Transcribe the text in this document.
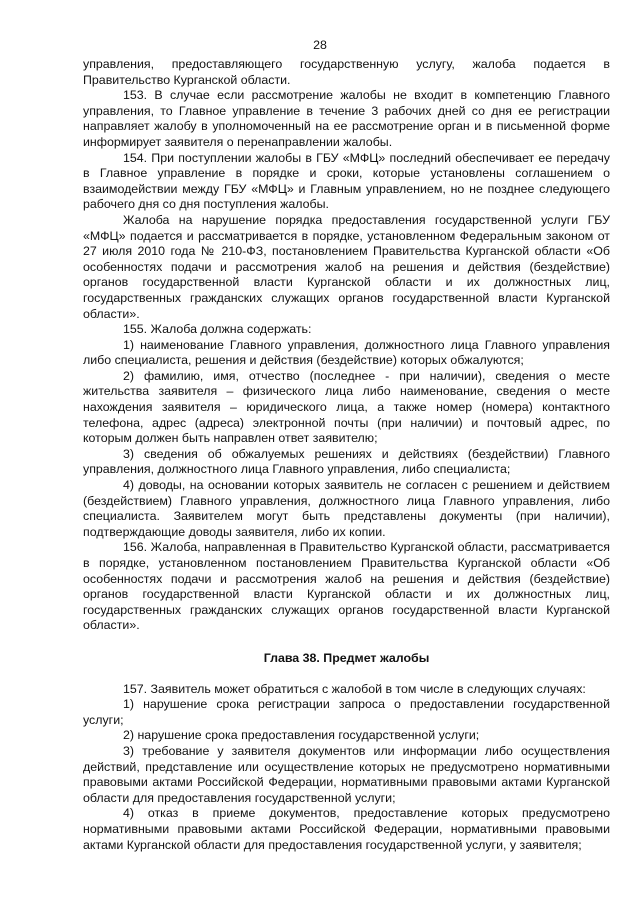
28

управления, предоставляющего государственную услугу, жалоба подается в Правительство Курганской области.

153. В случае если рассмотрение жалобы не входит в компетенцию Главного управления, то Главное управление в течение 3 рабочих дней со дня ее регистрации направляет жалобу в уполномоченный на ее рассмотрение орган и в письменной форме информирует заявителя о перенаправлении жалобы.

154. При поступлении жалобы в ГБУ «МФЦ» последний обеспечивает ее передачу в Главное управление в порядке и сроки, которые установлены соглашением о взаимодействии между ГБУ «МФЦ» и Главным управлением, но не позднее следующего рабочего дня со дня поступления жалобы.

Жалоба на нарушение порядка предоставления государственной услуги ГБУ «МФЦ» подается и рассматривается в порядке, установленном Федеральным законом от 27 июля 2010 года № 210-ФЗ, постановлением Правительства Курганской области «Об особенностях подачи и рассмотрения жалоб на решения и действия (бездействие) органов государственной власти Курганской области и их должностных лиц, государственных гражданских служащих органов государственной власти Курганской области».

155. Жалоба должна содержать:

1) наименование Главного управления, должностного лица Главного управления либо специалиста, решения и действия (бездействие) которых обжалуются;

2) фамилию, имя, отчество (последнее - при наличии), сведения о месте жительства заявителя – физического лица либо наименование, сведения о месте нахождения заявителя – юридического лица, а также номер (номера) контактного телефона, адрес (адреса) электронной почты (при наличии) и почтовый адрес, по которым должен быть направлен ответ заявителю;

3) сведения об обжалуемых решениях и действиях (бездействии) Главного управления, должностного лица Главного управления, либо специалиста;

4) доводы, на основании которых заявитель не согласен с решением и действием (бездействием) Главного управления, должностного лица Главного управления, либо специалиста. Заявителем могут быть представлены документы (при наличии), подтверждающие доводы заявителя, либо их копии.

156. Жалоба, направленная в Правительство Курганской области, рассматривается в порядке, установленном постановлением Правительства Курганской области «Об особенностях подачи и рассмотрения жалоб на решения и действия (бездействие) органов государственной власти Курганской области и их должностных лиц, государственных гражданских служащих органов государственной власти Курганской области».

Глава 38. Предмет жалобы

157. Заявитель может обратиться с жалобой в том числе в следующих случаях:

1) нарушение срока регистрации запроса о предоставлении государственной услуги;

2) нарушение срока предоставления государственной услуги;

3) требование у заявителя документов или информации либо осуществления действий, представление или осуществление которых не предусмотрено нормативными правовыми актами Российской Федерации, нормативными правовыми актами Курганской области для предоставления государственной услуги;

4) отказ в приеме документов, предоставление которых предусмотрено нормативными правовыми актами Российской Федерации, нормативными правовыми актами Курганской области для предоставления государственной услуги, у заявителя;
